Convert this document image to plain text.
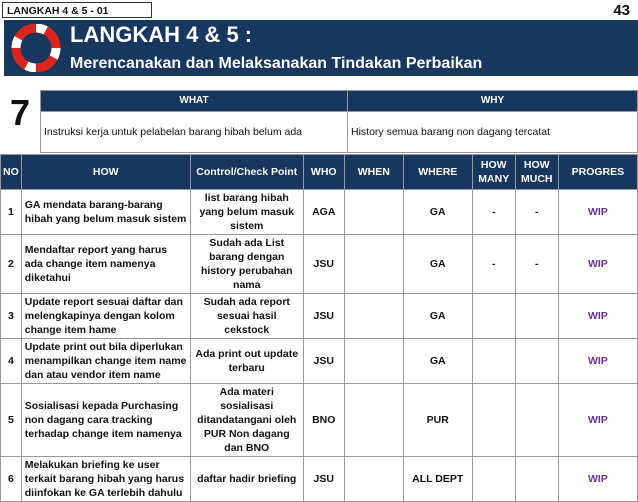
LANGKAH 4 & 5 - 01	43
LANGKAH 4 & 5 :
Merencanakan dan Melaksanakan Tindakan Perbaikan
7	WHAT	WHY
Instruksi kerja untuk pelabelan barang hibah belum ada	History semua barang non dagang tercatat
NO	HOW	Control/Check Point	WHO	WHEN	WHERE	HOW MANY	HOW MUCH	PROGRES
1	GA mendata barang-barang hibah yang belum masuk sistem	list barang hibah yang belum masuk sistem	AGA		GA	-	-	WIP
2	Mendaftar report yang harus ada change item namenya diketahui	Sudah ada List barang dengan history perubahan nama	JSU		GA	-	-	WIP
3	Update report sesuai daftar dan melengkapinya dengan kolom change item hame	Sudah ada report sesuai hasil cekstock	JSU		GA			WIP
4	Update print out bila diperlukan menampilkan change item name dan atau vendor item name	Ada print out update terbaru	JSU		GA			WIP
5	Sosialisasi kepada Purchasing non dagang cara tracking terhadap change item namenya	Ada materi sosialisasi ditandatangani oleh PUR Non dagang dan BNO	BNO		PUR			WIP
6	Melakukan briefing ke user terkait barang hibah yang harus diinfokan ke GA terlebih dahulu	daftar hadir briefing	JSU		ALL DEPT			WIP
